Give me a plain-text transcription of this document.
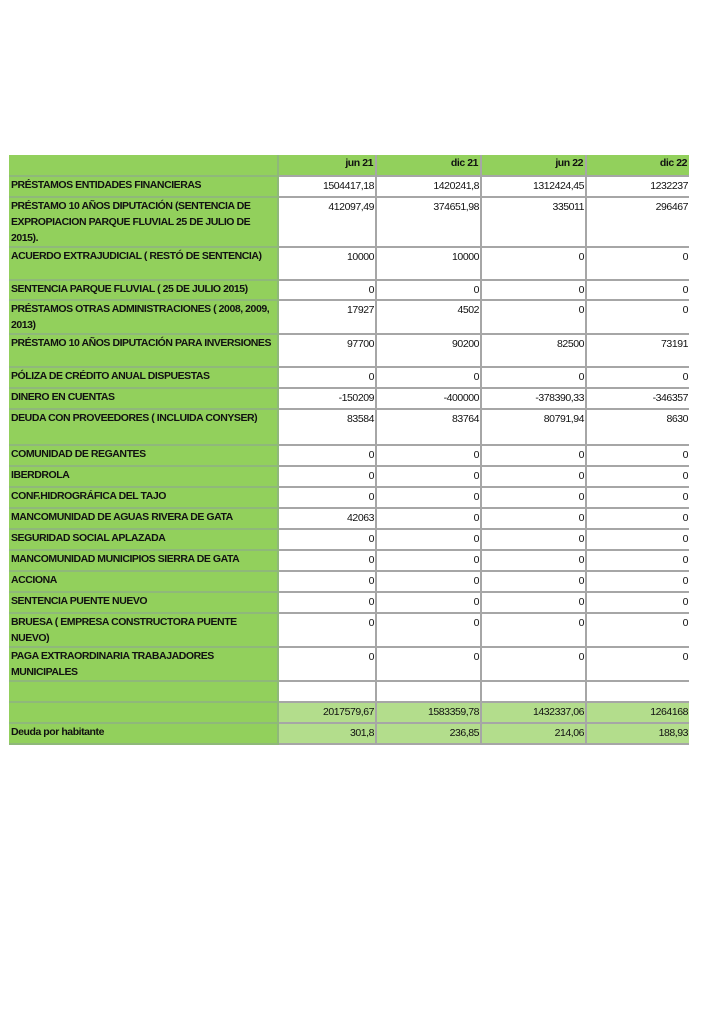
	jun 21	dic 21	jun 22	dic 22
PRÉSTAMOS ENTIDADES FINANCIERAS	1504417,18	1420241,8	1312424,45	1232237
PRÉSTAMO 10 AÑOS DIPUTACIÓN (SENTENCIA DE EXPROPIACION PARQUE FLUVIAL 25 DE JULIO DE 2015).	412097,49	374651,98	335011	296467
ACUERDO EXTRAJUDICIAL ( RESTÓ DE SENTENCIA)	10000	10000	0	0
SENTENCIA PARQUE FLUVIAL ( 25 DE JULIO 2015)	0	0	0	0
PRÉSTAMOS OTRAS ADMINISTRACIONES ( 2008, 2009, 2013)	17927	4502	0	0
PRÉSTAMO 10 AÑOS DIPUTACIÓN PARA INVERSIONES	97700	90200	82500	73191
PÓLIZA DE CRÉDITO ANUAL DISPUESTAS	0	0	0	0
DINERO EN CUENTAS	-150209	-400000	-378390,33	-346357
DEUDA CON PROVEEDORES ( INCLUIDA CONYSER)	83584	83764	80791,94	8630
COMUNIDAD DE REGANTES	0	0	0	0
IBERDROLA	0	0	0	0
CONF.HIDROGRÁFICA DEL TAJO	0	0	0	0
MANCOMUNIDAD DE AGUAS RIVERA DE GATA	42063	0	0	0
SEGURIDAD SOCIAL APLAZADA	0	0	0	0
MANCOMUNIDAD MUNICIPIOS SIERRA DE GATA	0	0	0	0
ACCIONA	0	0	0	0
SENTENCIA PUENTE NUEVO	0	0	0	0
BRUESA ( EMPRESA CONSTRUCTORA PUENTE NUEVO)	0	0	0	0
PAGA EXTRAORDINARIA TRABAJADORES MUNICIPALES	0	0	0	0

	2017579,67	1583359,78	1432337,06	1264168
Deuda por habitante	301,8	236,85	214,06	188,93
